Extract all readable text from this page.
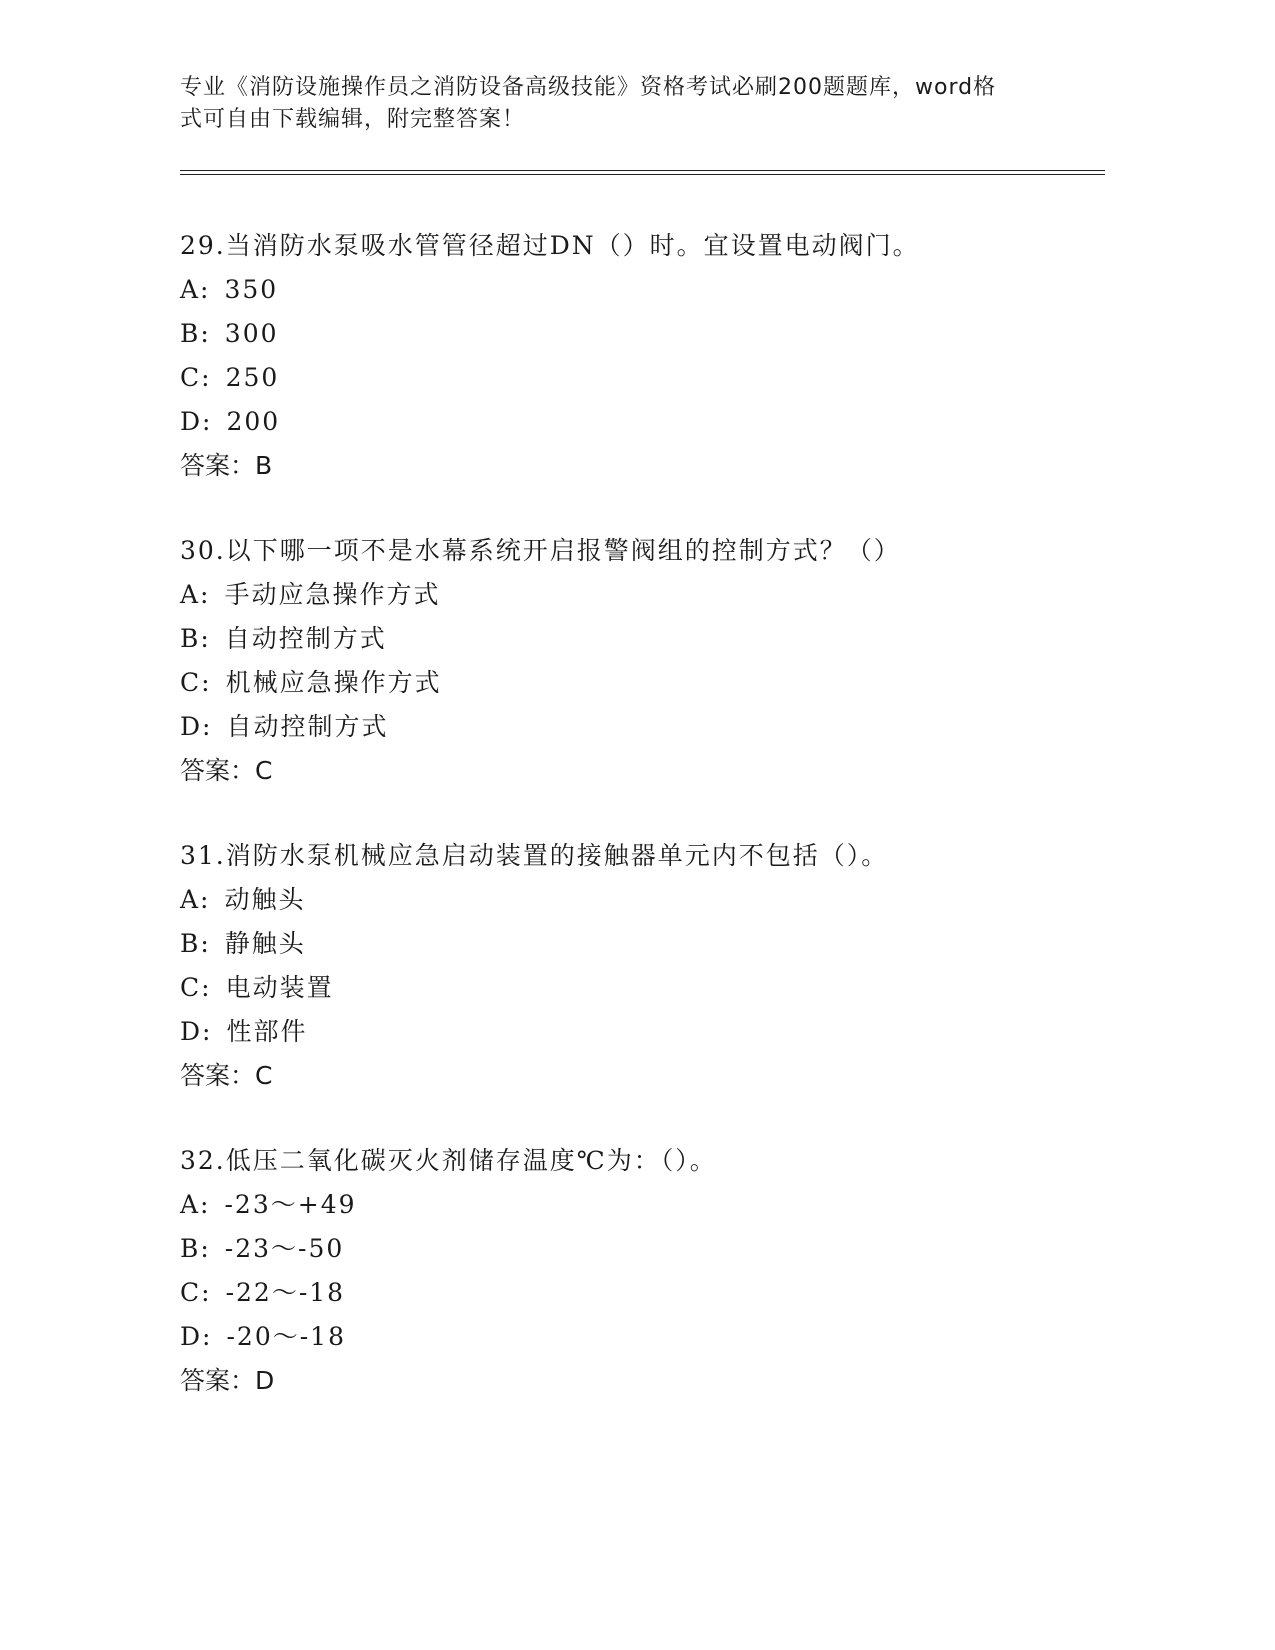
专业《消防设施操作员之消防设备高级技能》资格考试必刷200题题库，word格
式可自由下载编辑，附完整答案！
29.当消防水泵吸水管管径超过DN（）时。宜设置电动阀门。
A: 350
B: 300
C: 250
D: 200
答案：B
30.以下哪一项不是水幕系统开启报警阀组的控制方式？（）
A: 手动应急操作方式
B: 自动控制方式
C: 机械应急操作方式
D: 自动控制方式
答案：C
31.消防水泵机械应急启动装置的接触器单元内不包括（）。
A: 动触头
B: 静触头
C: 电动装置
D: 性部件
答案：C
32.低压二氧化碳灭火剂储存温度℃为：（）。
A: -23～+49
B: -23～-50
C: -22～-18
D: -20～-18
答案：D
